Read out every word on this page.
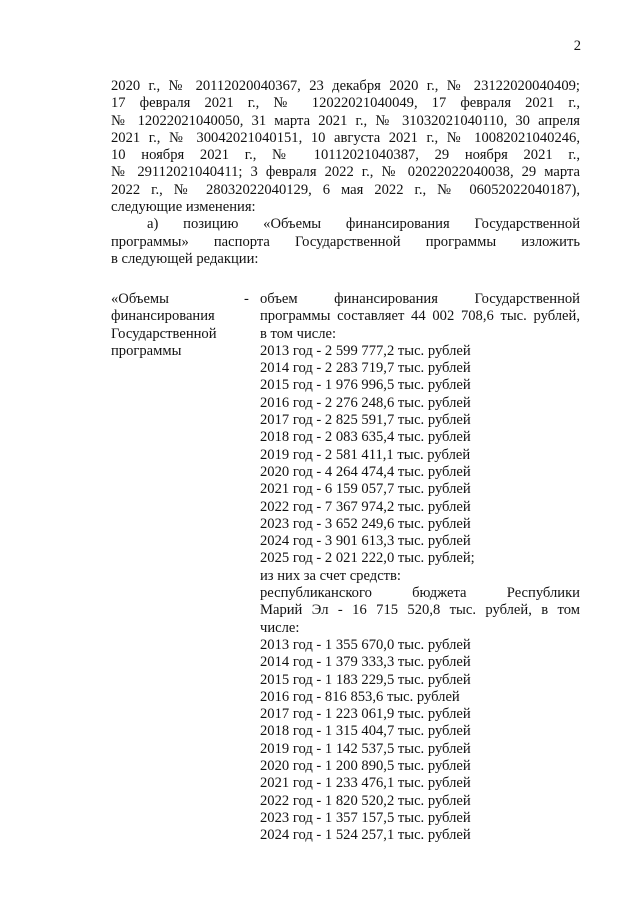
2
2020 г., № 20112020040367, 23 декабря 2020 г., № 23122020040409;
17 февраля 2021 г., № 12022021040049, 17 февраля 2021 г.,
№ 12022021040050, 31 марта 2021 г., № 31032021040110, 30 апреля
2021 г., № 30042021040151, 10 августа 2021 г., № 10082021040246,
10 ноября 2021 г., № 10112021040387, 29 ноября 2021 г.,
№ 29112021040411; 3 февраля 2022 г., № 02022022040038, 29 марта
2022 г., № 28032022040129, 6 мая 2022 г., № 06052022040187),
следующие изменения:
а) позицию «Объемы финансирования Государственной
программы» паспорта Государственной программы изложить
в следующей редакции:
«Объемы
финансирования
Государственной
программы
- объем финансирования Государственной
программы составляет 44 002 708,6 тыс. рублей,
в том числе:
2013 год - 2 599 777,2 тыс. рублей
2014 год - 2 283 719,7 тыс. рублей
2015 год - 1 976 996,5 тыс. рублей
2016 год - 2 276 248,6 тыс. рублей
2017 год - 2 825 591,7 тыс. рублей
2018 год - 2 083 635,4 тыс. рублей
2019 год - 2 581 411,1 тыс. рублей
2020 год - 4 264 474,4 тыс. рублей
2021 год - 6 159 057,7 тыс. рублей
2022 год - 7 367 974,2 тыс. рублей
2023 год - 3 652 249,6 тыс. рублей
2024 год - 3 901 613,3 тыс. рублей
2025 год - 2 021 222,0 тыс. рублей;
из них за счет средств:
республиканского бюджета Республики
Марий Эл - 16 715 520,8 тыс. рублей, в том
числе:
2013 год - 1 355 670,0 тыс. рублей
2014 год - 1 379 333,3 тыс. рублей
2015 год - 1 183 229,5 тыс. рублей
2016 год - 816 853,6 тыс. рублей
2017 год - 1 223 061,9 тыс. рублей
2018 год - 1 315 404,7 тыс. рублей
2019 год - 1 142 537,5 тыс. рублей
2020 год - 1 200 890,5 тыс. рублей
2021 год - 1 233 476,1 тыс. рублей
2022 год - 1 820 520,2 тыс. рублей
2023 год - 1 357 157,5 тыс. рублей
2024 год - 1 524 257,1 тыс. рублей
